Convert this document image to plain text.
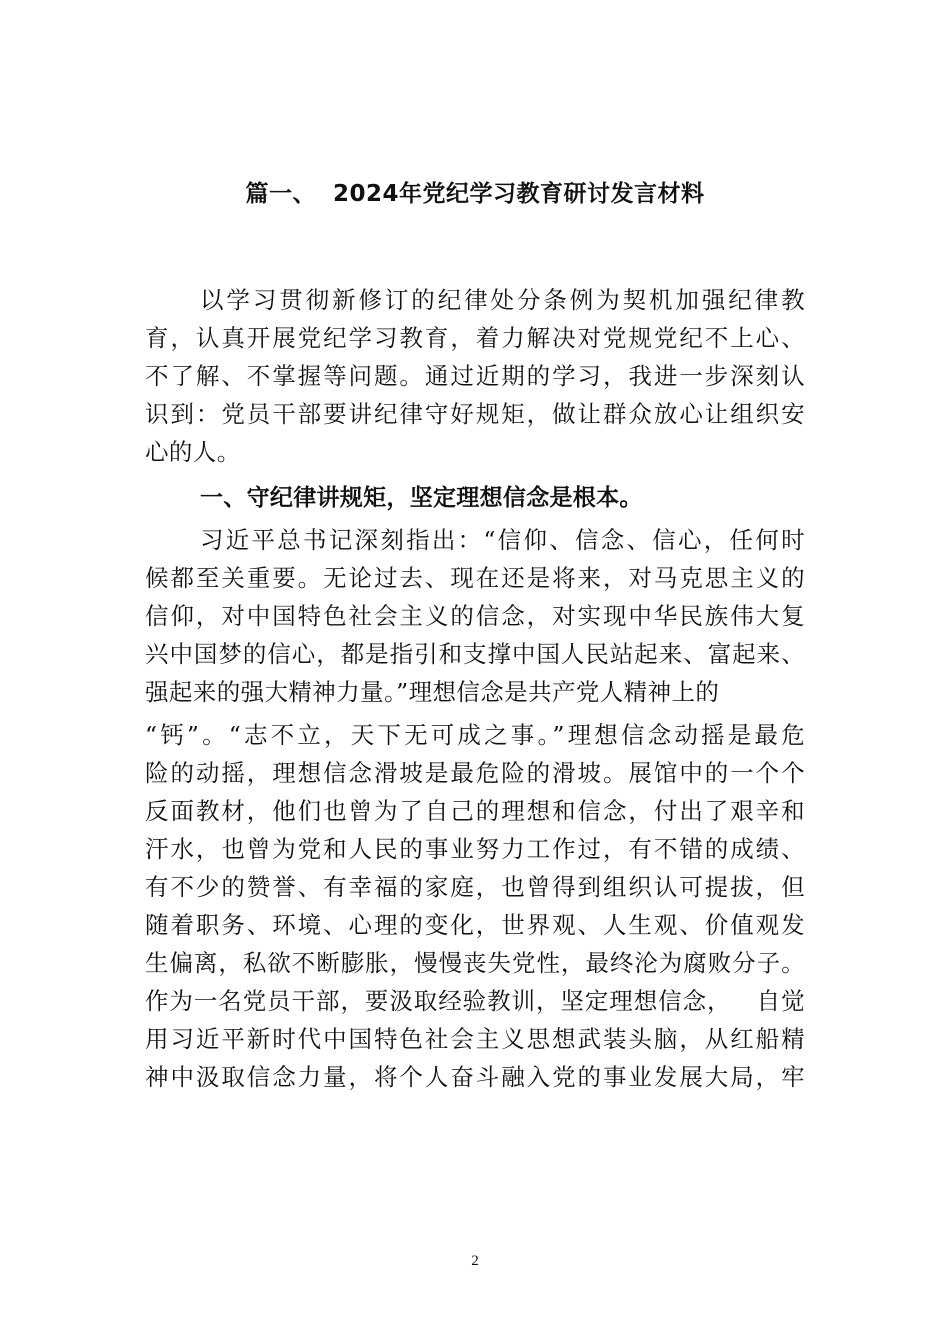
篇一、  2024年党纪学习教育研讨发言材料
以学习贯彻新修订的纪律处分条例为契机加强纪律教
育，认真开展党纪学习教育，着力解决对党规党纪不上心、
不了解、不掌握等问题。通过近期的学习，我进一步深刻认
识到：党员干部要讲纪律守好规矩，做让群众放心让组织安
心的人。
一、守纪律讲规矩，坚定理想信念是根本。
习近平总书记深刻指出：“信仰、信念、信心，任何时
候都至关重要。无论过去、现在还是将来，对马克思主义的
信仰，对中国特色社会主义的信念，对实现中华民族伟大复
兴中国梦的信心，都是指引和支撑中国人民站起来、富起来、
强起来的强大精神力量。”理想信念是共产党人精神上的
“钙”。“志不立，天下无可成之事。”理想信念动摇是最危
险的动摇，理想信念滑坡是最危险的滑坡。展馆中的一个个
反面教材，他们也曾为了自己的理想和信念，付出了艰辛和
汗水，也曾为党和人民的事业努力工作过，有不错的成绩、
有不少的赞誉、有幸福的家庭，也曾得到组织认可提拔，但
随着职务、环境、心理的变化，世界观、人生观、价值观发
生偏离，私欲不断膨胀，慢慢丧失党性，最终沦为腐败分子。
作为一名党员干部，要汲取经验教训，坚定理想信念，   自觉
用习近平新时代中国特色社会主义思想武装头脑，从红船精
神中汲取信念力量，将个人奋斗融入党的事业发展大局，牢
2
